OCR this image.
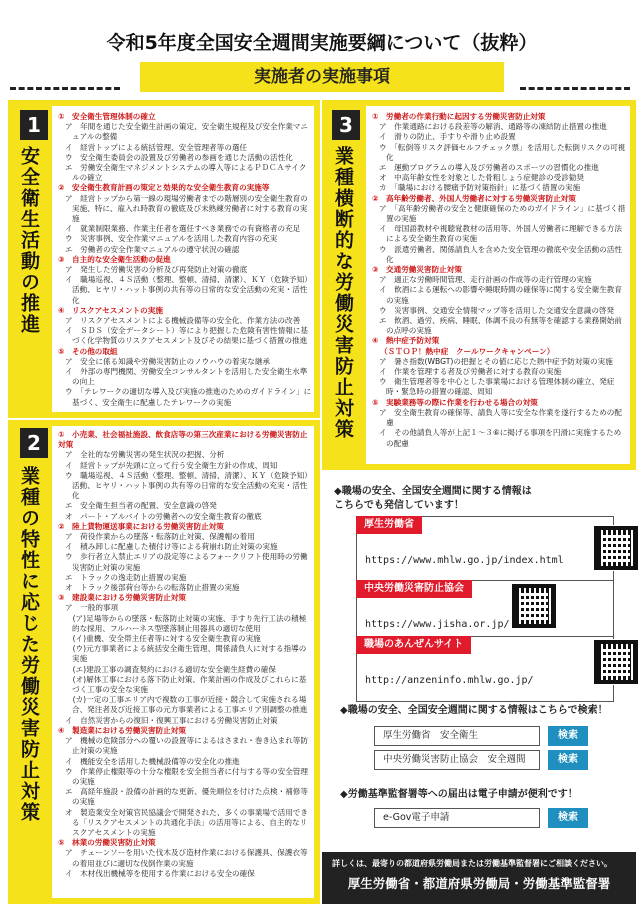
令和5年度全国安全週間実施要綱について（抜粋）
実施者の実施事項
1
安全衛生活動の推進
①　安全衛生管理体制の確立
ア　年間を通じた安全衛生計画の策定、安全衛生規程及び安全作業マニュアルの整備
イ　経営トップによる統括管理、安全管理者等の選任
ウ　安全衛生委員会の設置及び労働者の参画を通じた活動の活性化
エ　労働安全衛生マネジメントシステムの導入等によるＰＤＣＡサイクルの確立
②　安全衛生教育計画の策定と効果的な安全衛生教育の実施等
ア　経営トップから第一線の現場労働者までの階層別の安全衛生教育の実施、特に、雇入れ時教育の徹底及び未熟練労働者に対する教育の実施
イ　就業制限業務、作業主任者を選任すべき業務での有資格者の充足
ウ　災害事例、安全作業マニュアルを活用した教育内容の充実
エ　労働者の安全作業マニュアルの遵守状況の確認
③　自主的な安全衛生活動の促進
ア　発生した労働災害の分析及び再発防止対策の徹底
イ　職場巡視、４Ｓ活動（整理、整頓、清掃、清潔）、ＫＹ（危険予知）活動、ヒヤリ・ハット事例の共有等の日常的な安全活動の充実・活性化
④　リスクアセスメントの実施
ア　リスクアセスメントによる機械設備等の安全化、作業方法の改善
イ　ＳＤＳ（安全データシート）等により把握した危険有害性情報に基づく化学物質のリスクアセスメント及びその結果に基づく措置の推進
⑤　その他の取組
ア　安全に係る知識や労働災害防止のノウハウの着実な継承
イ　外部の専門機関、労働安全コンサルタントを活用した安全衛生水準の向上
ウ　「テレワークの適切な導入及び実施の推進のためのガイドライン」に基づく、安全衛生に配慮したテレワークの実施
2
業種の特性に応じた労働災害防止対策
①　小売業、社会福祉施設、飲食店等の第三次産業における労働災害防止対策
ア　全社的な労働災害の発生状況の把握、分析
イ　経営トップが先頭に立って行う安全衛生方針の作成、周知
ウ　職場巡視、４Ｓ活動（整理、整頓、清掃、清潔）、ＫＹ（危険予知）活動、ヒヤリ・ハット事例の共有等の日常的な安全活動の充実・活性化
エ　安全衛生担当者の配置、安全意識の啓発
オ　パート・アルバイトの労働者への安全衛生教育の徹底
②　陸上貨物運送事業における労働災害防止対策
ア　荷役作業からの墜落・転落防止対策、保護帽の着用
イ　積み卸しに配慮した積付け等による荷崩れ防止対策の実施
ウ　歩行者立入禁止エリアの設定等によるフォークリフト使用時の労働災害防止対策の実施
エ　トラックの逸走防止措置の実施
オ　トラック後部荷台等からの転落防止措置の実施
③　建設業における労働災害防止対策
ア　一般的事項
　(ア)足場等からの墜落・転落防止対策の実施、手すり先行工法の積極的な採用、フルハーネス型墜落制止用器具の適切な使用
　(イ)重機、安全帯主任者等に対する安全衛生教育の実施
　(ウ)元方事業者による統括安全衛生管理、関係請負人に対する指導の実施
　(エ)建設工事の調査契約における適切な安全衛生経費の確保
　(オ)解体工事における落下防止対策、作業計画の作成及びこれらに基づく工事の安全な実施
　(カ)一定の工事エリア内で複数の工事が近接・競合して実施される場合、発注者及び近接工事の元方事業者による工事エリア別調整の推進
イ　自然災害からの復旧・復興工事における労働災害防止対策
④　製造業における労働災害防止対策
ア　機械の危険部分への覆いの設置等によるはさまれ・巻き込まれ等防止対策の実施
イ　機能安全を活用した機械設備等の安全化の推進
ウ　作業停止権限等の十分な権限を安全担当者に付与する等の安全管理の実施
エ　高経年施設・設備の計画的な更新、優先順位を付けた点検・補修等の実施
オ　製造業安全対策官民協議会で開発された、多くの事業場で活用できる「リスクアセスメントの共通化手法」の活用等による、自主的なリスクアセスメントの実施
⑤　林業の労働災害防止対策
ア　チェーンソーを用いた伐木及び造材作業における保護具、保護衣等の着用並びに適切な伐倒作業の実施
イ　木材伐出機械等を使用する作業における安全の確保
3
業種横断的な労働災害防止対策
①　労働者の作業行動に起因する労働災害防止対策
ア　作業通路における段差等の解消、通路等の凍結防止措置の推進
イ　滑りの防止、手すりや滑り止め設置
ウ　「転倒等リスク評価セルフチェック票」を活用した転倒リスクの可視化
エ　運動プログラムの導入及び労働者のスポーツの習慣化の推進
オ　中高年齢女性を対象とした骨粗しょう症健診の受診勧奨
カ　「職場における腰痛予防対策指針」に基づく措置の実施
②　高年齢労働者、外国人労働者に対する労働災害防止対策
ア　「高年齢労働者の安全と健康確保のためのガイドライン」に基づく措置の実施
イ　母国語教材や視聴覚教材の活用等、外国人労働者に理解できる方法による安全衛生教育の実施
ウ　派遣労働者、関係請負人を含めた安全管理の徹底や安全活動の活性化
③　交通労働災害防止対策
ア　適正な労働時間管理、走行計画の作成等の走行管理の実施
イ　飲酒による運転への影響や睡眠時間の確保等に関する安全衛生教育の実施
ウ　災害事例、交通安全情報マップ等を活用した交通安全意識の啓発
エ　飲酒、過労、疾病、睡眠、体調不良の有無等を確認する業務開始前の点呼の実施
④　熱中症予防対策
（ＳＴＯＰ！熱中症　クールワークキャンペーン）
ア　暑さ指数(WBGT)の把握とその値に応じた熱中症予防対策の実施
イ　作業を管理する者及び労働者に対する教育の実施
ウ　衛生管理者等を中心とした事業場における管理体制の確立、発症時・緊急時の措置の確認、周知
⑤　実験業務等の際に作業を行わせる場合の対策
ア　安全衛生教育の確保等、請負人等に安全な作業を遂行するための配慮
イ　その他請負人等が上記１～３⑥に掲げる事項を円滑に実施するための配慮
◆職場の安全、全国安全週間に関する情報は
こちらでも発信しています！
厚生労働省
https://www.mhlw.go.jp/index.html
中央労働災害防止協会
https://www.jisha.or.jp/
職場のあんぜんサイト
http://anzeninfo.mhlw.go.jp/
◆職場の安全、全国安全週間に関する情報はこちらで検索！
厚生労働省　安全衛生	検索
中央労働災害防止協会　安全週間	検索
◆労働基準監督署等への届出は電子申請が便利です！
e-Gov電子申請	検索
詳しくは、最寄りの都道府県労働局または労働基準監督署にご相談ください。
厚生労働省・都道府県労働局・労働基準監督署
